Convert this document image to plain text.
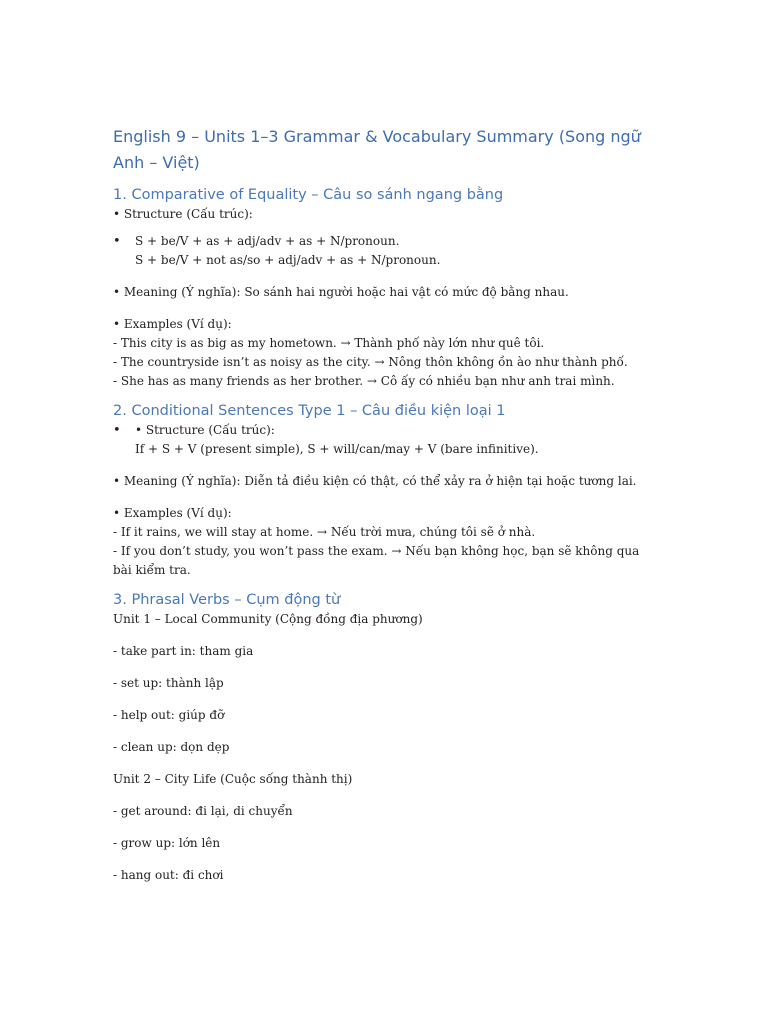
English 9 – Units 1–3 Grammar & Vocabulary Summary (Song ngữ Anh – Việt)
1. Comparative of Equality – Câu so sánh ngang bằng

• Structure (Cấu trúc):

• S + be/V + as + adj/adv + as + N/pronoun.
S + be/V + not as/so + adj/adv + as + N/pronoun.

• Meaning (Ý nghĩa): So sánh hai người hoặc hai vật có mức độ bằng nhau.

• Examples (Ví dụ):

- This city is as big as my hometown. → Thành phố này lớn như quê tôi.

- The countryside isn’t as noisy as the city. → Nông thôn không ồn ào như thành phố.

- She has as many friends as her brother. → Cô ấy có nhiều bạn như anh trai mình.

2. Conditional Sentences Type 1 – Câu điều kiện loại 1
• • Structure (Cấu trúc):
If + S + V (present simple), S + will/can/may + V (bare infinitive).

• Meaning (Ý nghĩa): Diễn tả điều kiện có thật, có thể xảy ra ở hiện tại hoặc tương lai.

• Examples (Ví dụ):

- If it rains, we will stay at home. → Nếu trời mưa, chúng tôi sẽ ở nhà.

- If you don’t study, you won’t pass the exam. → Nếu bạn không học, bạn sẽ không qua bài kiểm tra.

3. Phrasal Verbs – Cụm động từ

Unit 1 – Local Community (Cộng đồng địa phương)

- take part in: tham gia

- set up: thành lập

- help out: giúp đỡ

- clean up: dọn dẹp

Unit 2 – City Life (Cuộc sống thành thị)

- get around: đi lại, di chuyển

- grow up: lớn lên

- hang out: đi chơi
